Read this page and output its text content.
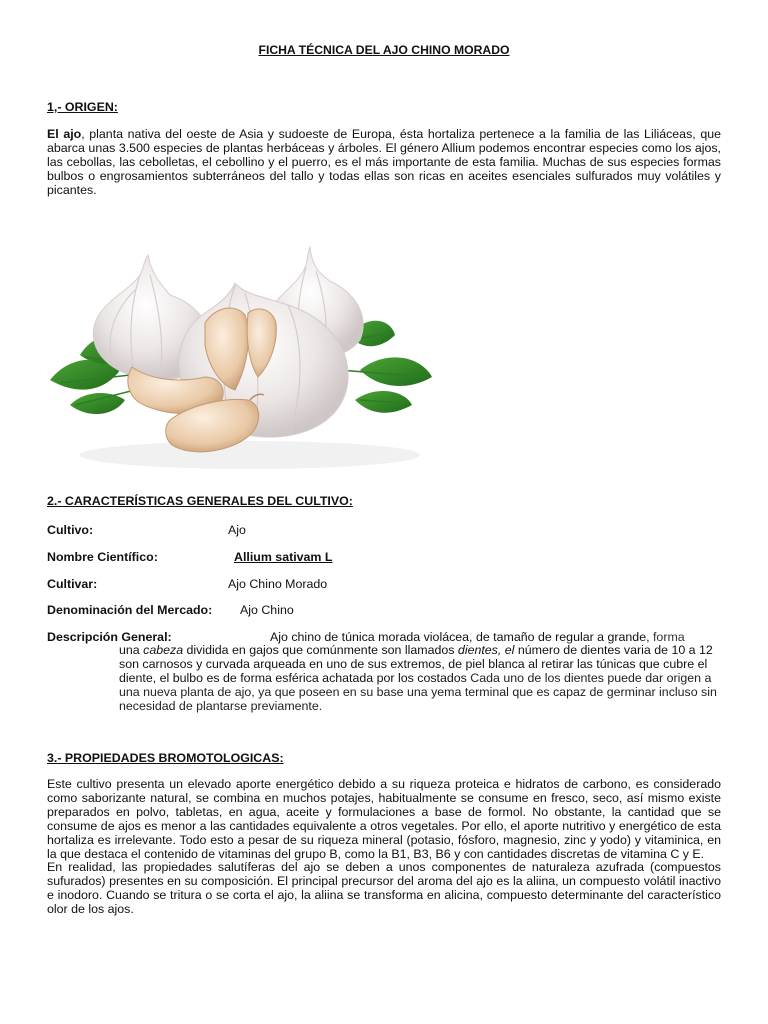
FICHA TÉCNICA DEL AJO CHINO MORADO
1,- ORIGEN:
El ajo, planta nativa del oeste de Asia y sudoeste de Europa, ésta hortaliza pertenece a la familia de las Liliáceas, que abarca unas 3.500 especies de plantas herbáceas y árboles. El género Allium podemos encontrar especies como los ajos, las cebollas, las cebolletas, el cebollino y el puerro, es el más importante de esta familia. Muchas de sus especies formas bulbos o engrosamientos subterráneos del tallo y todas ellas son ricas en aceites esenciales sulfurados muy volátiles y picantes.
2.- CARACTERÍSTICAS GENERALES DEL CULTIVO:
Cultivo:	Ajo
Nombre Científico:	Allium sativam L
Cultivar:	Ajo Chino Morado
Denominación del Mercado: Ajo Chino
Descripción General:	Ajo chino de túnica morada violácea, de tamaño de regular a grande, forma
una cabeza dividida en gajos que comúnmente son llamados dientes, el número de dientes varia de 10 a 12 son carnosos y curvada arqueada en uno de sus extremos, de piel blanca al retirar las túnicas que cubre el diente, el bulbo es de forma esférica achatada por los costados Cada uno de los dientes puede dar origen a una nueva planta de ajo, ya que poseen en su base una yema terminal que es capaz de germinar incluso sin necesidad de plantarse previamente.
3.- PROPIEDADES BROMOTOLOGICAS:
Este cultivo presenta un elevado aporte energético debido a su riqueza proteica e hidratos de carbono, es considerado como saborizante natural, se combina en muchos potajes, habitualmente se consume en fresco, seco, así mismo existe preparados en polvo, tabletas, en agua, aceite y formulaciones a base de formol. No obstante, la cantidad que se consume de ajos es menor a las cantidades equivalente a otros vegetales. Por ello, el aporte nutritivo y energético de esta hortaliza es irrelevante. Todo esto a pesar de su riqueza mineral (potasio, fósforo, magnesio, zinc y yodo) y vitaminica, en la que destaca el contenido de vitaminas del grupo B, como la B1, B3, B6 y con cantidades discretas de vitamina C y E.
En realidad, las propiedades salutíferas del ajo se deben a unos componentes de naturaleza azufrada (compuestos sufurados) presentes en su composición. El principal precursor del aroma del ajo es la aliina, un compuesto volátil inactivo e inodoro. Cuando se tritura o se corta el ajo, la aliina se transforma en alicina, compuesto determinante del característico olor de los ajos.
